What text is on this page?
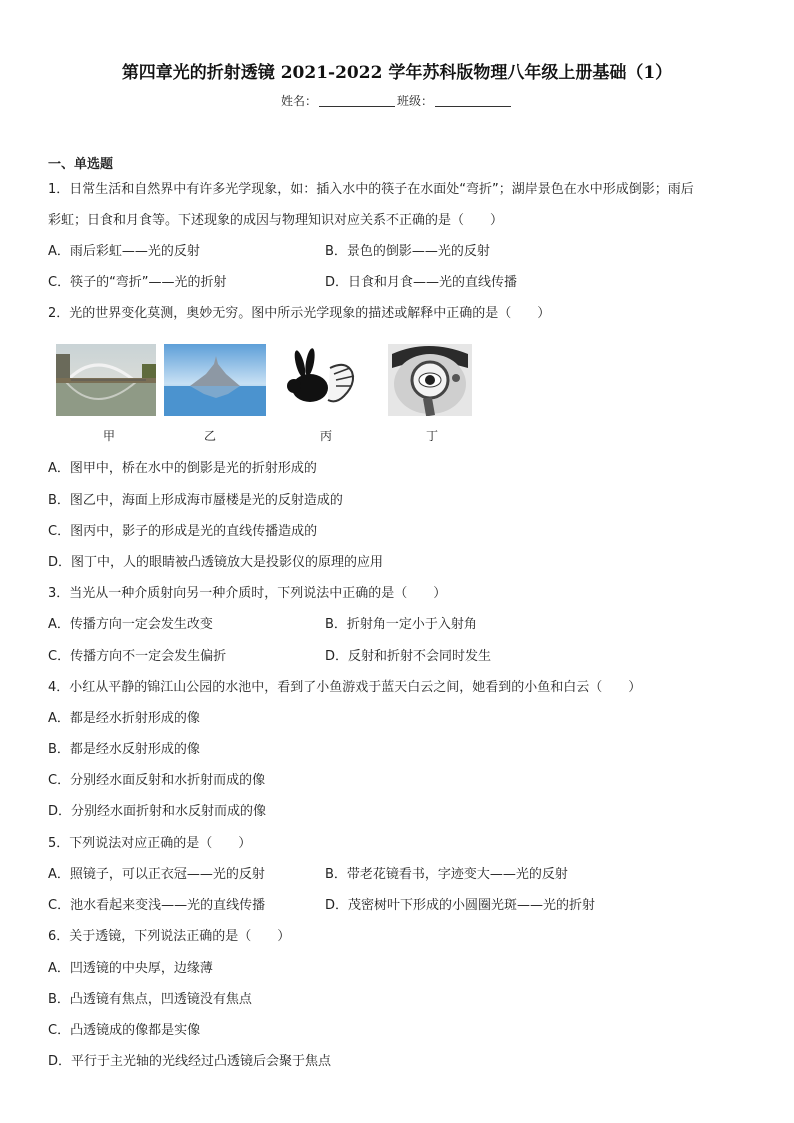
第四章光的折射透镜 2021-2022 学年苏科版物理八年级上册基础（1）
姓名：	班级：
一、单选题
1．日常生活和自然界中有许多光学现象，如：插入水中的筷子在水面处“弯折”；湖岸景色在水中形成倒影；雨后
彩虹；日食和月食等。下述现象的成因与物理知识对应关系不正确的是（　　）
A．雨后彩虹——光的反射	B．景色的倒影——光的反射
C．筷子的“弯折”——光的折射	D．日食和月食——光的直线传播
2．光的世界变化莫测，奥妙无穷。图中所示光学现象的描述或解释中正确的是（　　）
甲	乙	丙	丁
A．图甲中，桥在水中的倒影是光的折射形成的
B．图乙中，海面上形成海市蜃楼是光的反射造成的
C．图丙中，影子的形成是光的直线传播造成的
D．图丁中，人的眼睛被凸透镜放大是投影仪的原理的应用
3．当光从一种介质射向另一种介质时，下列说法中正确的是（　　）
A．传播方向一定会发生改变	B．折射角一定小于入射角
C．传播方向不一定会发生偏折	D．反射和折射不会同时发生
4．小红从平静的锦江山公园的水池中，看到了小鱼游戏于蓝天白云之间，她看到的小鱼和白云（　　）
A．都是经水折射形成的像
B．都是经水反射形成的像
C．分别经水面反射和水折射而成的像
D．分别经水面折射和水反射而成的像
5．下列说法对应正确的是（　　）
A．照镜子，可以正衣冠——光的反射	B．带老花镜看书，字迹变大——光的反射
C．池水看起来变浅——光的直线传播	D．茂密树叶下形成的小圆圈光斑——光的折射
6．关于透镜，下列说法正确的是（　　）
A．凹透镜的中央厚，边缘薄
B．凸透镜有焦点，凹透镜没有焦点
C．凸透镜成的像都是实像
D．平行于主光轴的光线经过凸透镜后会聚于焦点
